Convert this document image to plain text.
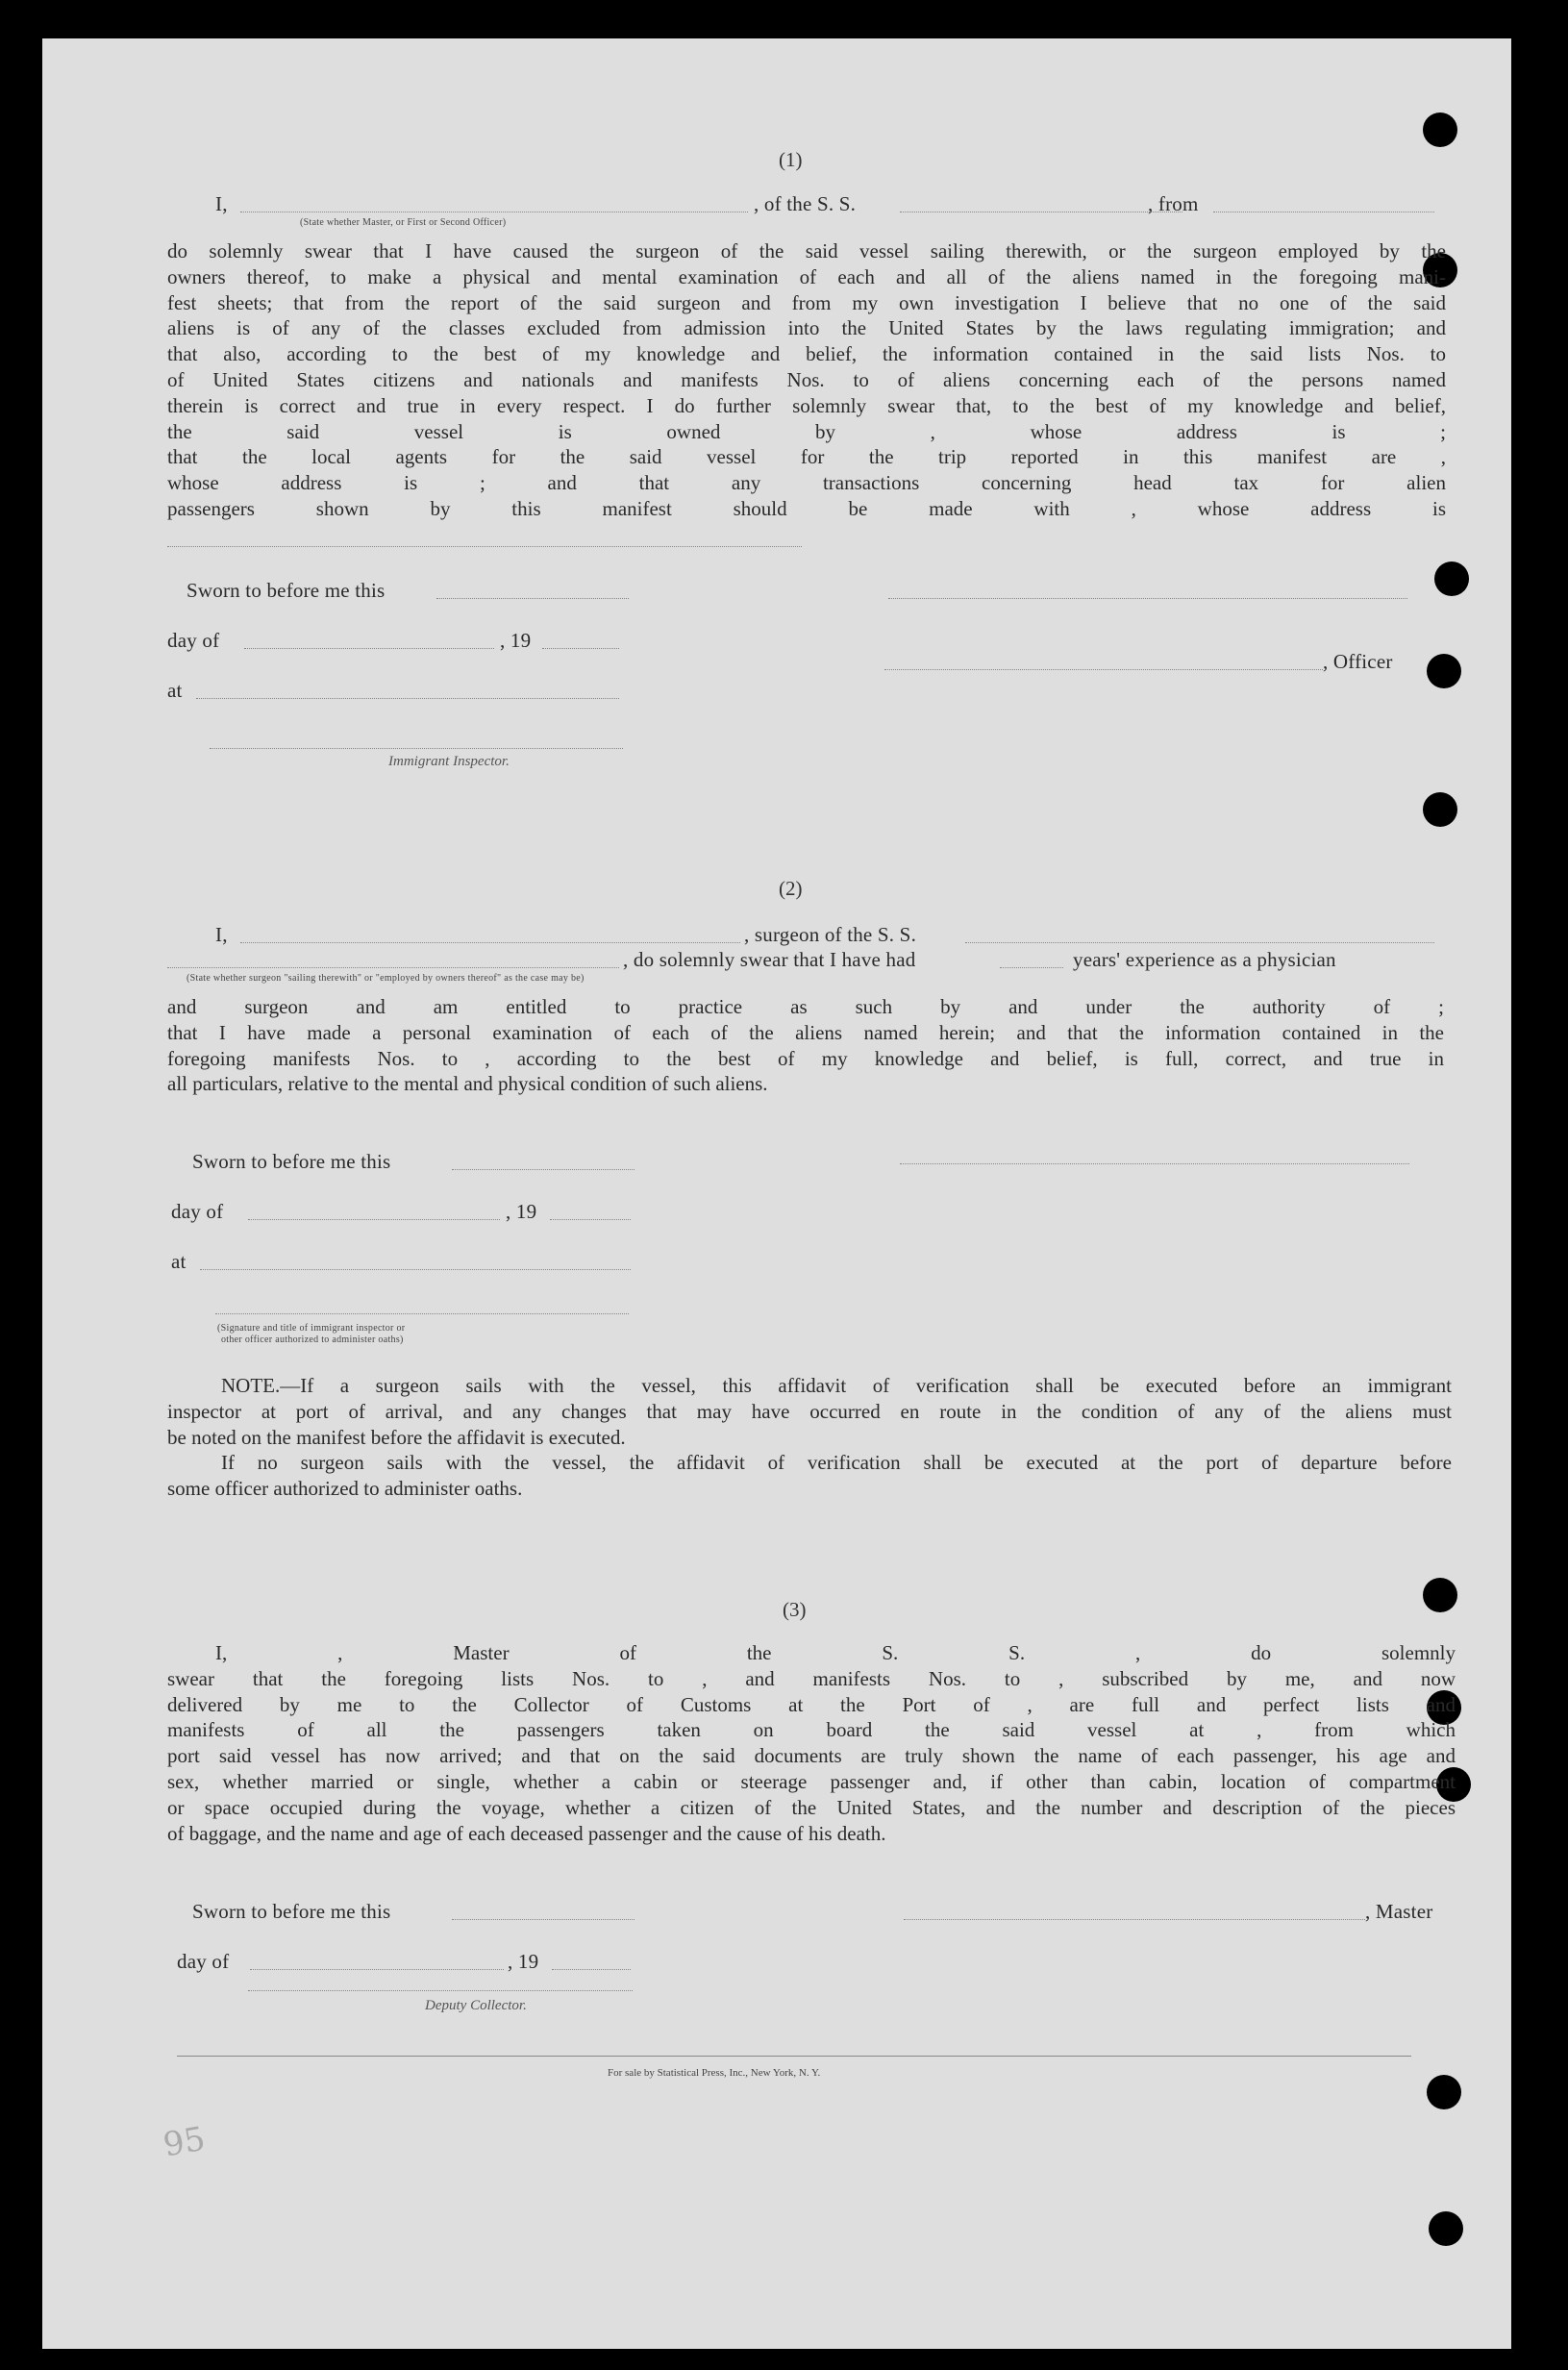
(1)
I,	, of the S. S.	, from
(State whether Master, or First or Second Officer)
do solemnly swear that I have caused the surgeon of the said vessel sailing therewith, or the surgeon employed by the
owners thereof, to make a physical and mental examination of each and all of the aliens named in the foregoing mani-
fest sheets; that from the report of the said surgeon and from my own investigation I believe that no one of the said
aliens is of any of the classes excluded from admission into the United States by the laws regulating immigration; and
that also, according to the best of my knowledge and belief, the information contained in the said lists Nos. to
of United States citizens and nationals and manifests Nos. to of aliens concerning each of the persons named
therein is correct and true in every respect. I do further solemnly swear that, to the best of my knowledge and belief,
the said vessel is owned by , whose address is ;
that the local agents for the said vessel for the trip reported in this manifest are ,
whose address is ; and that any transactions concerning head tax for alien
passengers shown by this manifest should be made with , whose address is
Sworn to before me this
day of	, 19
, Officer
at
Immigrant Inspector.
(2)
I,	, surgeon of the S. S.
, do solemnly swear that I have had	years' experience as a physician
(State whether surgeon "sailing therewith" or "employed by owners thereof" as the case may be)
and surgeon and am entitled to practice as such by and under the authority of ;
that I have made a personal examination of each of the aliens named herein; and that the information contained in the
foregoing manifests Nos. to , according to the best of my knowledge and belief, is full, correct, and true in
all particulars, relative to the mental and physical condition of such aliens.
Sworn to before me this
day of	, 19
at
(Signature and title of immigrant inspector or
other officer authorized to administer oaths)
NOTE.—If a surgeon sails with the vessel, this affidavit of verification shall be executed before an immigrant
inspector at port of arrival, and any changes that may have occurred en route in the condition of any of the aliens must
be noted on the manifest before the affidavit is executed.
If no surgeon sails with the vessel, the affidavit of verification shall be executed at the port of departure before
some officer authorized to administer oaths.
(3)
I, , Master of the S. S. , do solemnly
swear that the foregoing lists Nos. to , and manifests Nos. to , subscribed by me, and now
delivered by me to the Collector of Customs at the Port of , are full and perfect lists and
manifests of all the passengers taken on board the said vessel at , from which
port said vessel has now arrived; and that on the said documents are truly shown the name of each passenger, his age and
sex, whether married or single, whether a cabin or steerage passenger and, if other than cabin, location of compartment
or space occupied during the voyage, whether a citizen of the United States, and the number and description of the pieces
of baggage, and the name and age of each deceased passenger and the cause of his death.
Sworn to before me this	, Master
day of	, 19
Deputy Collector.
For sale by Statistical Press, Inc., New York, N. Y.
95
